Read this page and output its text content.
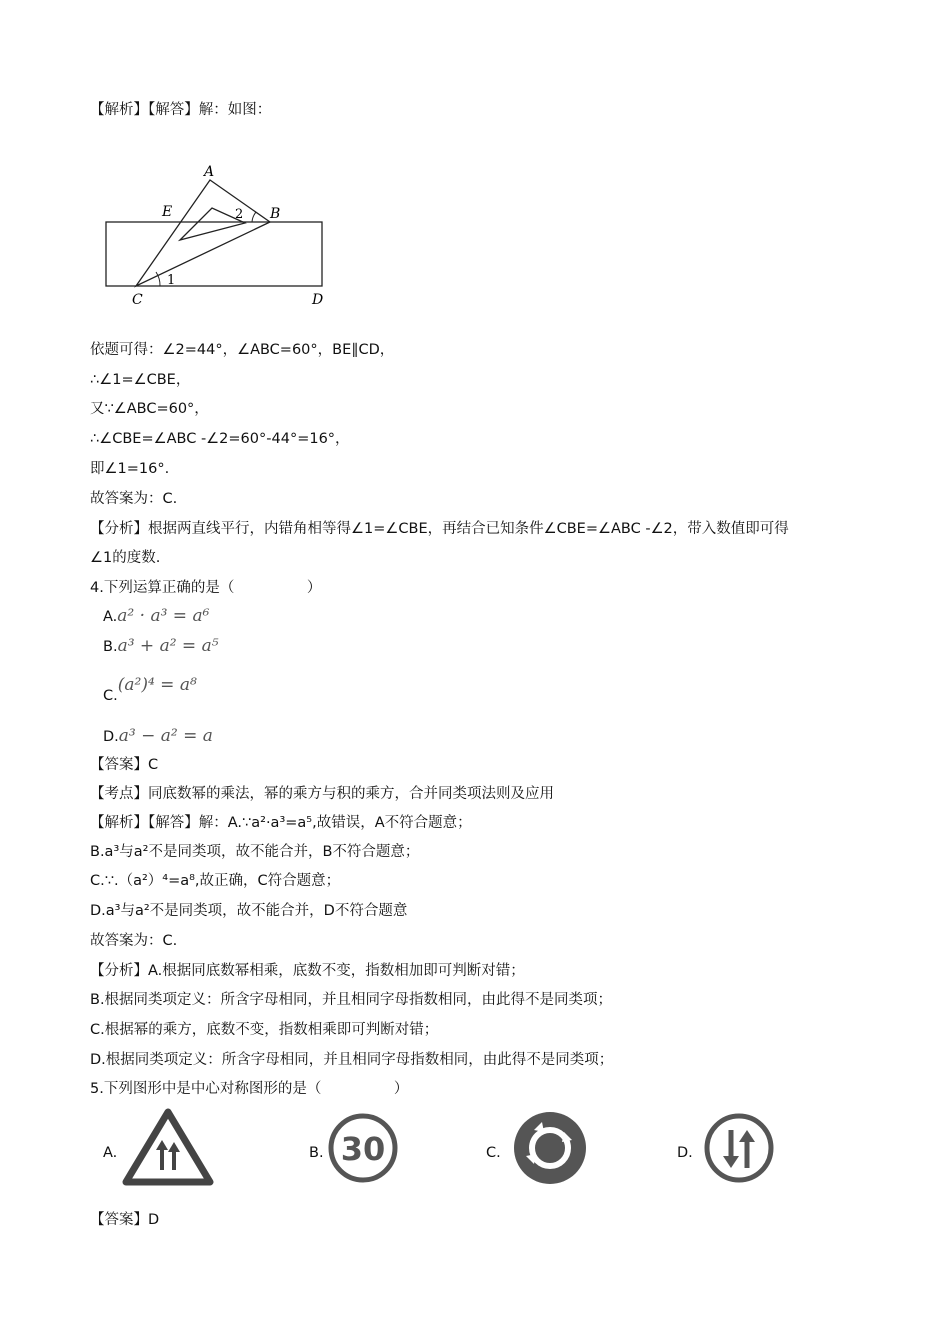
【解析】【解答】解：如图：
A
E	2 B
1
C	D
依题可得：∠2=44°，∠ABC=60°，BE∥CD，
∴∠1=∠CBE，
又∵∠ABC=60°，
∴∠CBE=∠ABC -∠2=60°-44°=16°，
即∠1=16°.
故答案为：C.
【分析】根据两直线平行，内错角相等得∠1=∠CBE，再结合已知条件∠CBE=∠ABC -∠2，带入数值即可得
∠1的度数.
4.下列运算正确的是（　　　　　）
A.a² · a³ = a⁶
B.a³ + a² = a⁵
C.(a²)⁴ = a⁸
D.a³ − a² = a
【答案】C
【考点】同底数幂的乘法，幂的乘方与积的乘方，合并同类项法则及应用
【解析】【解答】解：A.∵a²·a³=a⁵,故错误，A不符合题意；
B.a³与a²不是同类项，故不能合并，B不符合题意；
C.∵.（a²）⁴=a⁸,故正确，C符合题意；
D.a³与a²不是同类项，故不能合并，D不符合题意
故答案为：C.
【分析】A.根据同底数幂相乘，底数不变，指数相加即可判断对错；
B.根据同类项定义：所含字母相同，并且相同字母指数相同，由此得不是同类项；
C.根据幂的乘方，底数不变，指数相乘即可判断对错；
D.根据同类项定义：所含字母相同，并且相同字母指数相同，由此得不是同类项；
5.下列图形中是中心对称图形的是（　　　　　）
A.	B. 30	C.	D.
【答案】D
